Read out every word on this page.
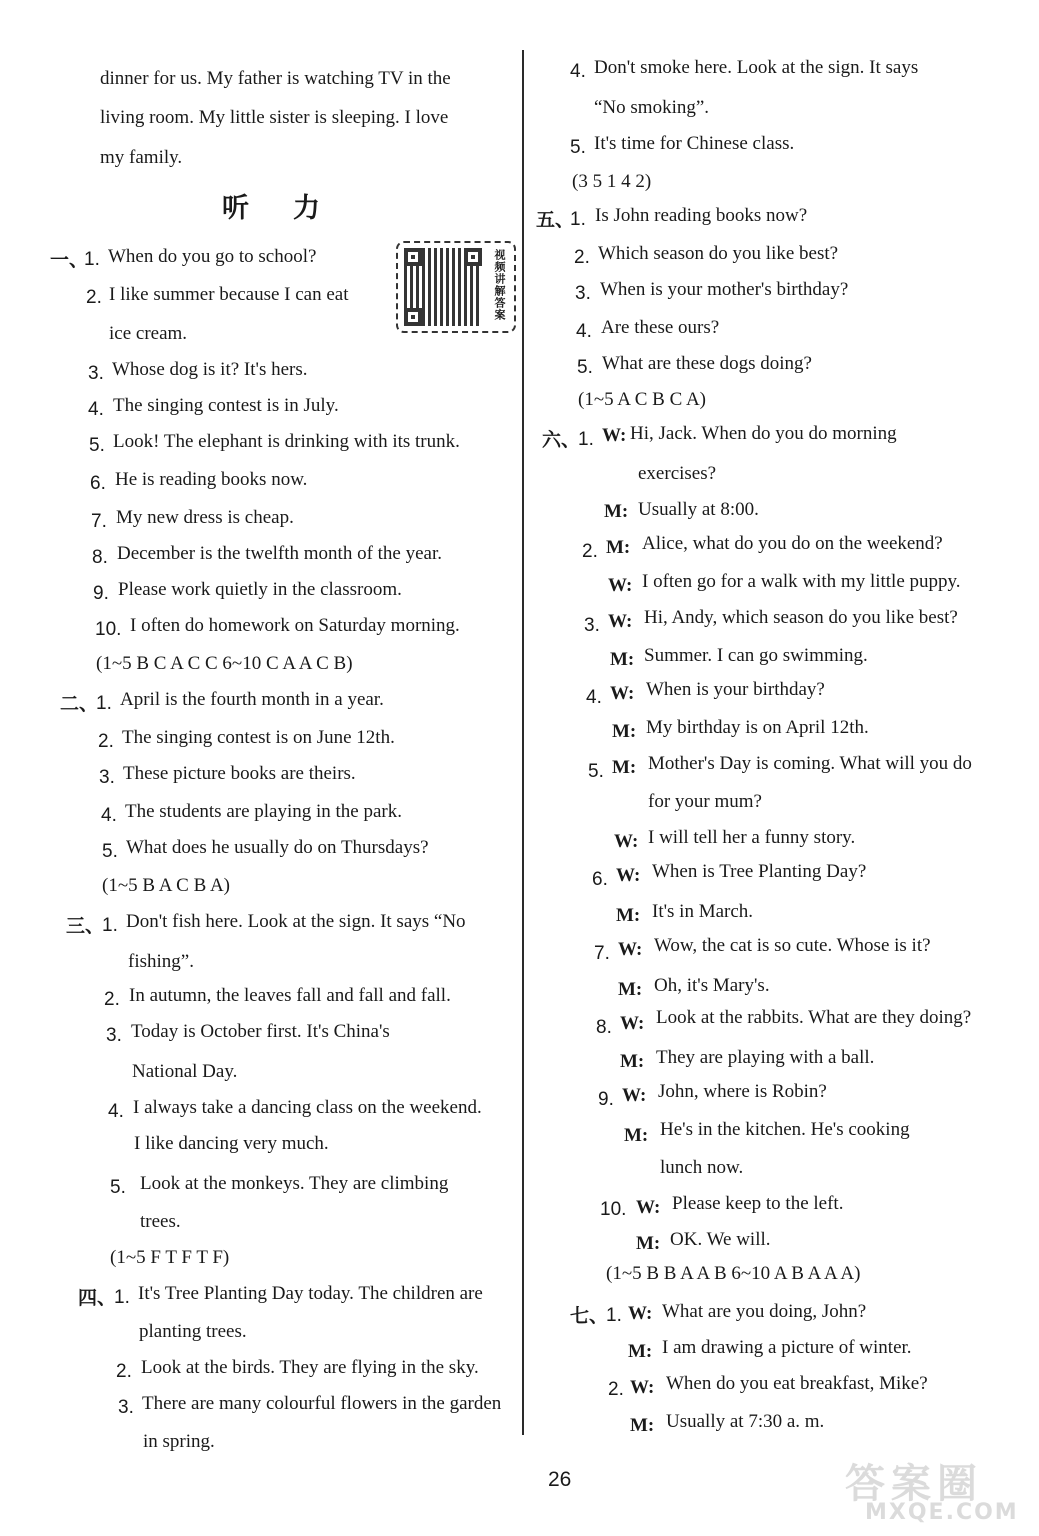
dinner for us. My father is watching TV in the
living room. My little sister is sleeping. I love
my family.
听力
视频讲解答案
一、
1. When do you go to school?
2. I like summer because I can eat
ice cream.
3. Whose dog is it? It's hers.
4. The singing contest is in July.
5. Look! The elephant is drinking with its trunk.
6. He is reading books now.
7. My new dress is cheap.
8. December is the twelfth month of the year.
9. Please work quietly in the classroom.
10. I often do homework on Saturday morning.
(1~5 B C A C C 6~10 C A A C B)
二、
1. April is the fourth month in a year.
2. The singing contest is on June 12th.
3. These picture books are theirs.
4. The students are playing in the park.
5. What does he usually do on Thursdays?
(1~5 B A C B A)
三、
1. Don't fish here. Look at the sign. It says “No
fishing”.
2. In autumn, the leaves fall and fall and fall.
3. Today is October first. It's China's
National Day.
4. I always take a dancing class on the weekend.
I like dancing very much.
5. Look at the monkeys. They are climbing
trees.
(1~5 F T F T F)
四、
1. It's Tree Planting Day today. The children are
planting trees.
2. Look at the birds. They are flying in the sky.
3. There are many colourful flowers in the garden
in spring.
4. Don't smoke here. Look at the sign. It says
“No smoking”.
5. It's time for Chinese class.
(3 5 1 4 2)
五、
1. Is John reading books now?
2. Which season do you like best?
3. When is your mother's birthday?
4. Are these ours?
5. What are these dogs doing?
(1~5 A C B C A)
六、
1. W: Hi, Jack. When do you do morning
exercises?
M: Usually at 8:00.
2. M: Alice, what do you do on the weekend?
W: I often go for a walk with my little puppy.
3. W: Hi, Andy, which season do you like best?
M: Summer. I can go swimming.
4. W: When is your birthday?
M: My birthday is on April 12th.
5. M: Mother's Day is coming. What will you do
for your mum?
W: I will tell her a funny story.
6. W: When is Tree Planting Day?
M: It's in March.
7. W: Wow, the cat is so cute. Whose is it?
M: Oh, it's Mary's.
8. W: Look at the rabbits. What are they doing?
M: They are playing with a ball.
9. W: John, where is Robin?
M: He's in the kitchen. He's cooking
lunch now.
10. W: Please keep to the left.
M: OK. We will.
(1~5 B B A A B 6~10 A B A A A)
七、
1. W: What are you doing, John?
M: I am drawing a picture of winter.
2. W: When do you eat breakfast, Mike?
M: Usually at 7:30 a. m.
26	答案圈
MXQE.COM
